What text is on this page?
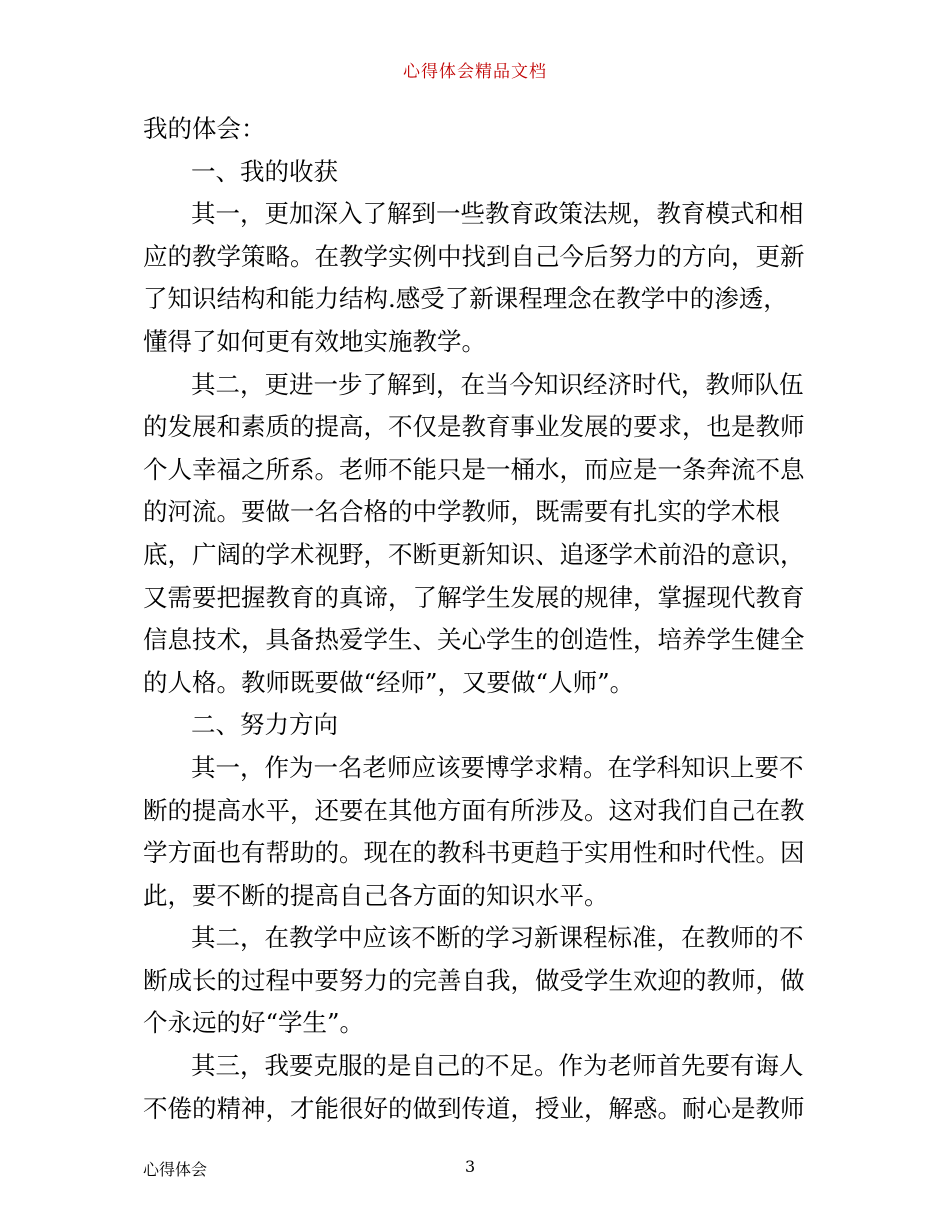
心得体会精品文档
我的体会：
一、我的收获
其一，更加深入了解到一些教育政策法规，教育模式和相
应的教学策略。在教学实例中找到自己今后努力的方向，更新
了知识结构和能力结构.感受了新课程理念在教学中的渗透，
懂得了如何更有效地实施教学。
其二，更进一步了解到，在当今知识经济时代，教师队伍
的发展和素质的提高，不仅是教育事业发展的要求，也是教师
个人幸福之所系。老师不能只是一桶水，而应是一条奔流不息
的河流。要做一名合格的中学教师，既需要有扎实的学术根
底，广阔的学术视野，不断更新知识、追逐学术前沿的意识，
又需要把握教育的真谛，了解学生发展的规律，掌握现代教育
信息技术，具备热爱学生、关心学生的创造性，培养学生健全
的人格。教师既要做“经师”，又要做“人师”。
二、努力方向
其一，作为一名老师应该要博学求精。在学科知识上要不
断的提高水平，还要在其他方面有所涉及。这对我们自己在教
学方面也有帮助的。现在的教科书更趋于实用性和时代性。因
此，要不断的提高自己各方面的知识水平。
其二，在教学中应该不断的学习新课程标准，在教师的不
断成长的过程中要努力的完善自我，做受学生欢迎的教师，做
个永远的好“学生”。
其三，我要克服的是自己的不足。作为老师首先要有诲人
不倦的精神，才能很好的做到传道，授业，解惑。耐心是教师
心得体会	3
